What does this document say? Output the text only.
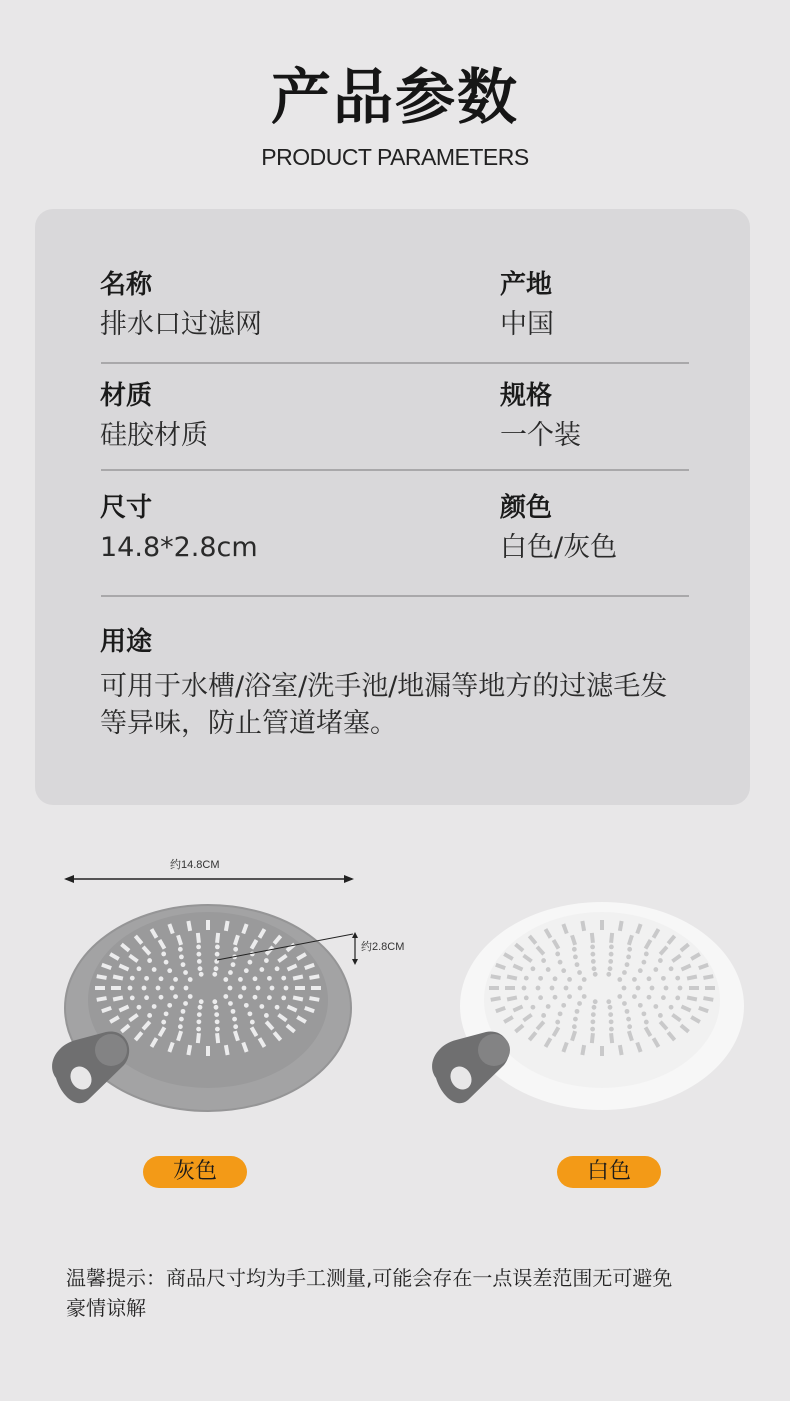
产品参数
PRODUCT PARAMETERS
名称
排水口过滤网
产地
中国
材质
硅胶材质
规格
一个装
尺寸
14.8*2.8cm
颜色
白色/灰色
用途
可用于水槽/浴室/洗手池/地漏等地方的过滤毛发
等异味，防止管道堵塞。
约14.8CM
约2.8CM
灰色	白色
温馨提示：商品尺寸均为手工测量,可能会存在一点误差范围无可避免
豪情谅解
